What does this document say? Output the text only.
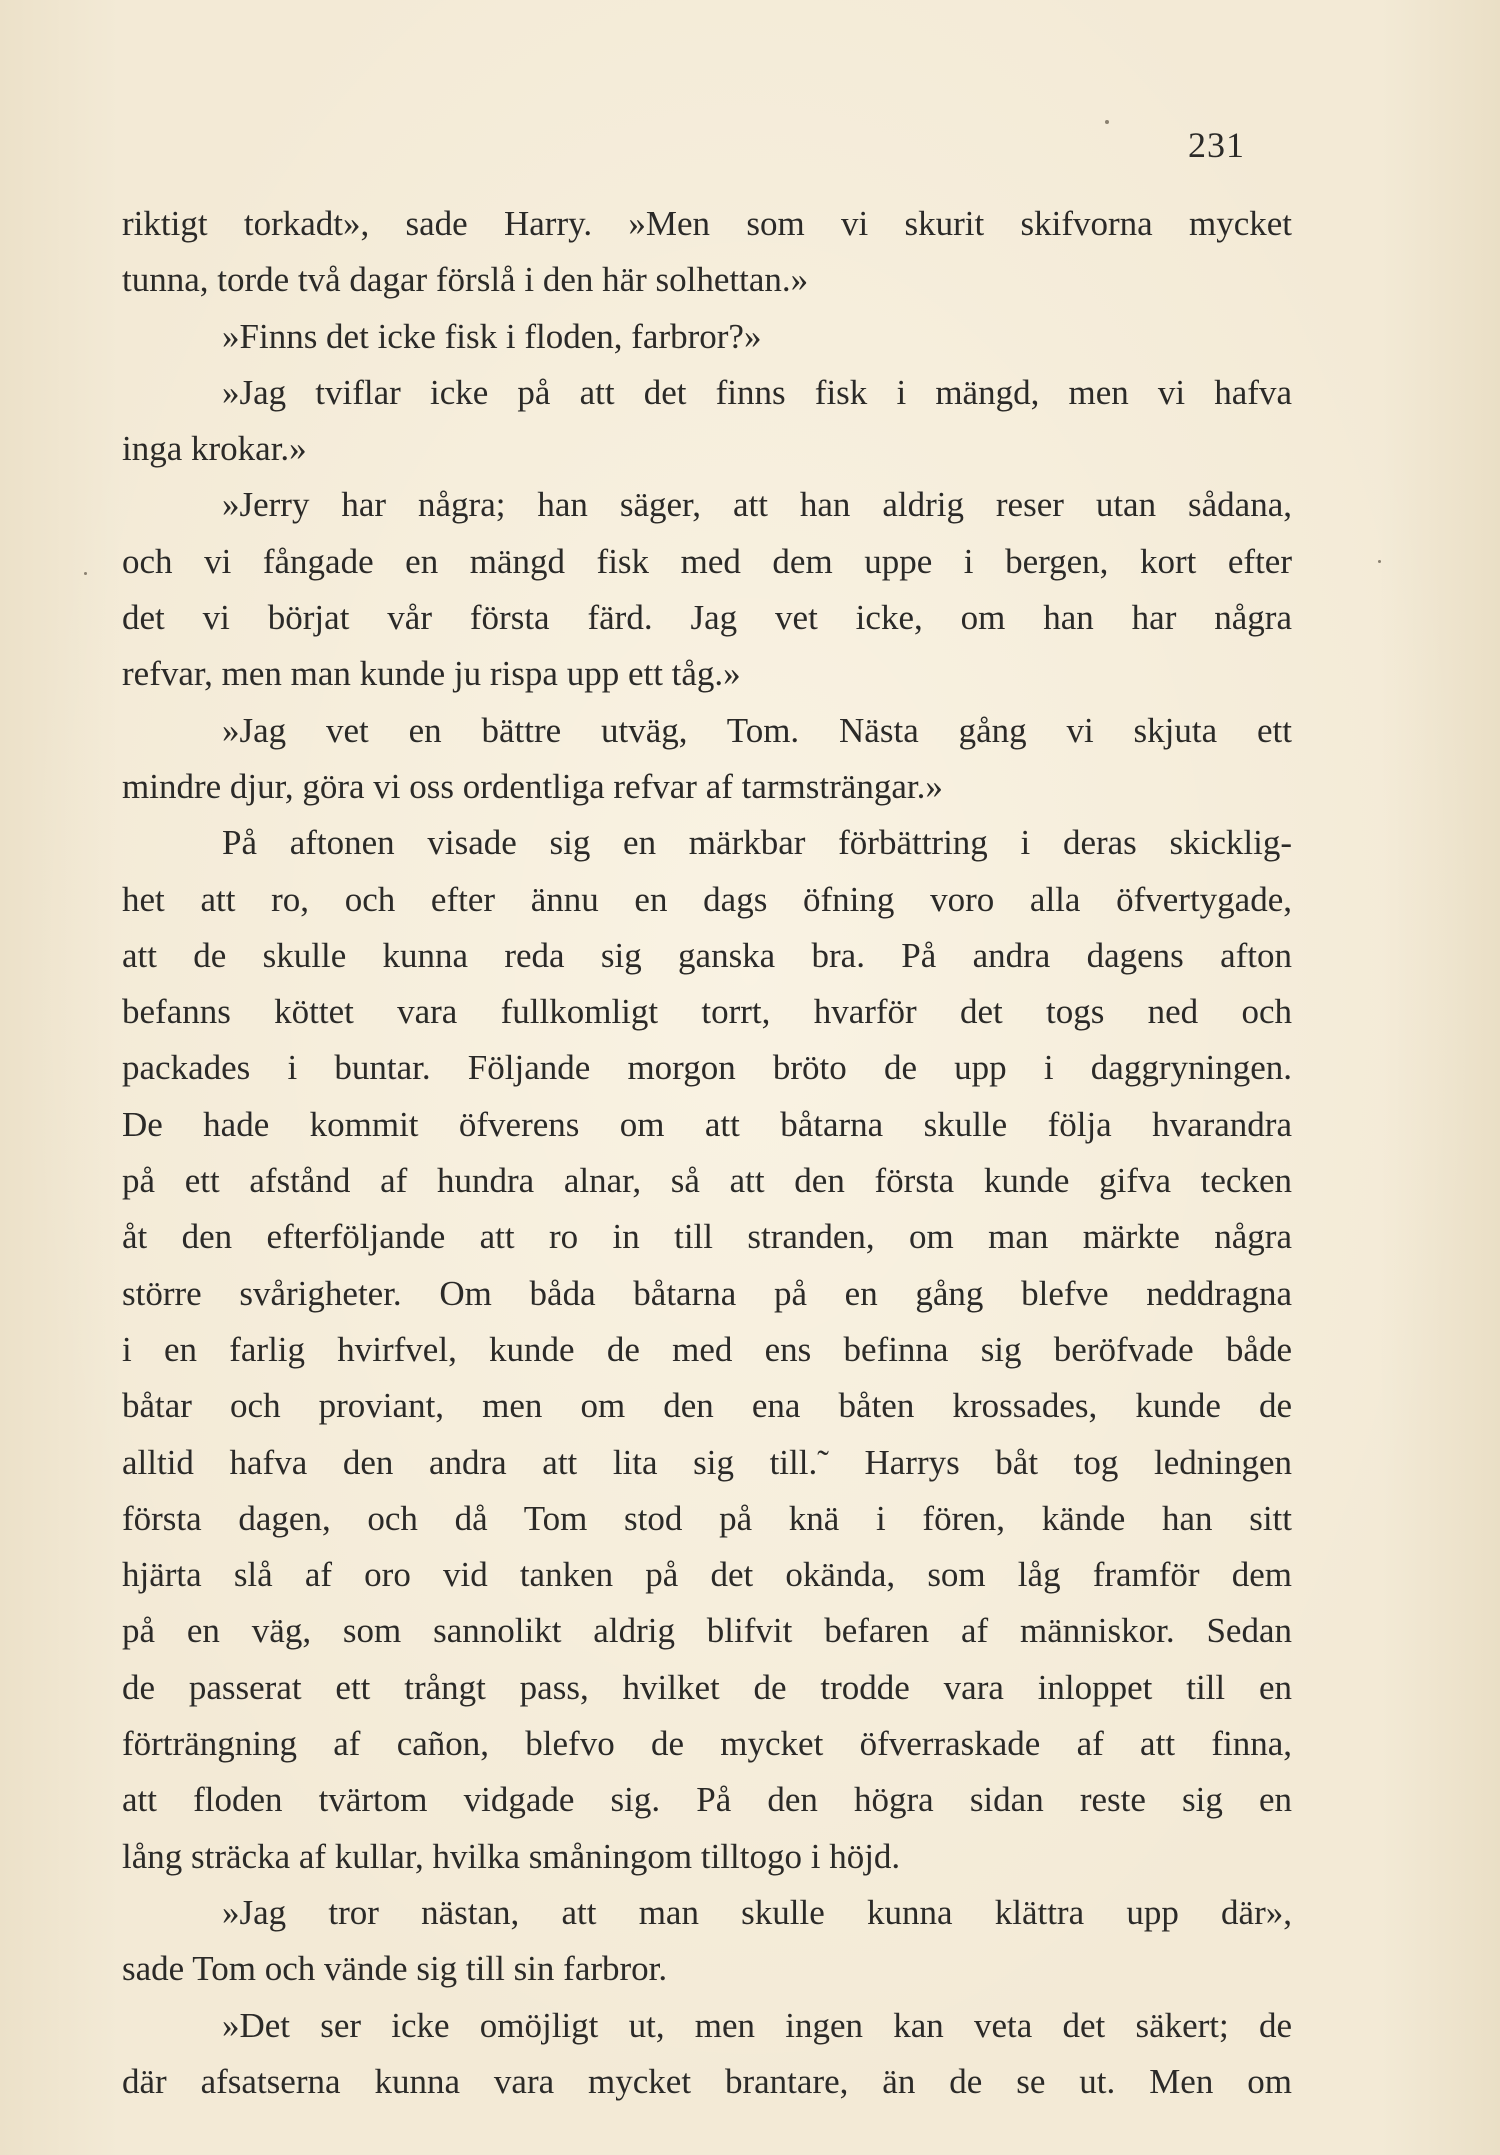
231
riktigt torkadt», sade Harry. »Men som vi skurit skifvorna mycket
tunna, torde två dagar förslå i den här solhettan.»
»Finns det icke fisk i floden, farbror?»
»Jag tviflar icke på att det finns fisk i mängd, men vi hafva
inga krokar.»
»Jerry har några; han säger, att han aldrig reser utan sådana,
och vi fångade en mängd fisk med dem uppe i bergen, kort efter
det vi börjat vår första färd. Jag vet icke, om han har några
refvar, men man kunde ju rispa upp ett tåg.»
»Jag vet en bättre utväg, Tom. Nästa gång vi skjuta ett
mindre djur, göra vi oss ordentliga refvar af tarmsträngar.»
På aftonen visade sig en märkbar förbättring i deras skicklig-
het att ro, och efter ännu en dags öfning voro alla öfvertygade,
att de skulle kunna reda sig ganska bra. På andra dagens afton
befanns köttet vara fullkomligt torrt, hvarför det togs ned och
packades i buntar. Följande morgon bröto de upp i daggryningen.
De hade kommit öfverens om att båtarna skulle följa hvarandra
på ett afstånd af hundra alnar, så att den första kunde gifva tecken
åt den efterföljande att ro in till stranden, om man märkte några
större svårigheter. Om båda båtarna på en gång blefve neddragna
i en farlig hvirfvel, kunde de med ens befinna sig beröfvade både
båtar och proviant, men om den ena båten krossades, kunde de
alltid hafva den andra att lita sig till.˜ Harrys båt tog ledningen
första dagen, och då Tom stod på knä i fören, kände han sitt
hjärta slå af oro vid tanken på det okända, som låg framför dem
på en väg, som sannolikt aldrig blifvit befaren af människor. Sedan
de passerat ett trångt pass, hvilket de trodde vara inloppet till en
förträngning af cañon, blefvo de mycket öfverraskade af att finna,
att floden tvärtom vidgade sig. På den högra sidan reste sig en
lång sträcka af kullar, hvilka småningom tilltogo i höjd.
»Jag tror nästan, att man skulle kunna klättra upp där»,
sade Tom och vände sig till sin farbror.
»Det ser icke omöjligt ut, men ingen kan veta det säkert; de
där afsatserna kunna vara mycket brantare, än de se ut. Men om
